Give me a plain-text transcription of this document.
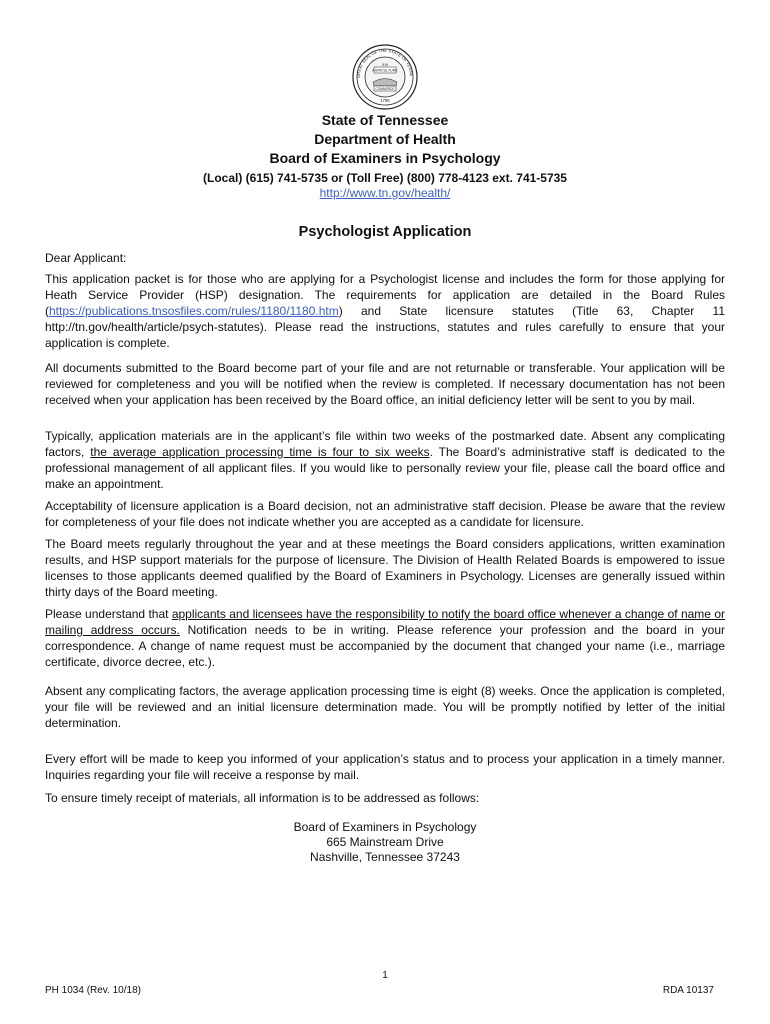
GREAT SEAL OF THE STATE OF TENNE
XVI
AGRICULTURE
COMMERCE
1796
State of Tennessee
Department of Health
Board of Examiners in Psychology
(Local) (615) 741-5735 or (Toll Free) (800) 778-4123 ext. 741-5735
http://www.tn.gov/health/
Psychologist Application
Dear Applicant:
This application packet is for those who are applying for a Psychologist license and includes the form for those applying for Heath Service Provider (HSP) designation. The requirements for application are detailed in the Board Rules (https://publications.tnsosfiles.com/rules/1180/1180.htm) and State licensure statutes (Title 63, Chapter 11 http://tn.gov/health/article/psych-statutes). Please read the instructions, statutes and rules carefully to ensure that your application is complete.
All documents submitted to the Board become part of your file and are not returnable or transferable. Your application will be reviewed for completeness and you will be notified when the review is completed. If necessary documentation has not been received when your application has been received by the Board office, an initial deficiency letter will be sent to you by mail.
Typically, application materials are in the applicant’s file within two weeks of the postmarked date. Absent any complicating factors, the average application processing time is four to six weeks. The Board’s administrative staff is dedicated to the professional management of all applicant files. If you would like to personally review your file, please call the board office and make an appointment.
Acceptability of licensure application is a Board decision, not an administrative staff decision. Please be aware that the review for completeness of your file does not indicate whether you are accepted as a candidate for licensure.
The Board meets regularly throughout the year and at these meetings the Board considers applications, written examination results, and HSP support materials for the purpose of licensure. The Division of Health Related Boards is empowered to issue licenses to those applicants deemed qualified by the Board of Examiners in Psychology. Licenses are generally issued within thirty days of the Board meeting.
Please understand that applicants and licensees have the responsibility to notify the board office whenever a change of name or mailing address occurs. Notification needs to be in writing. Please reference your profession and the board in your correspondence. A change of name request must be accompanied by the document that changed your name (i.e., marriage certificate, divorce decree, etc.).
Absent any complicating factors, the average application processing time is eight (8) weeks. Once the application is completed, your file will be reviewed and an initial licensure determination made. You will be promptly notified by letter of the initial determination.
Every effort will be made to keep you informed of your application’s status and to process your application in a timely manner. Inquiries regarding your file will receive a response by mail.
To ensure timely receipt of materials, all information is to be addressed as follows:
Board of Examiners in Psychology
665 Mainstream Drive
Nashville, Tennessee 37243
1
PH 1034 (Rev. 10/18)	RDA 10137
